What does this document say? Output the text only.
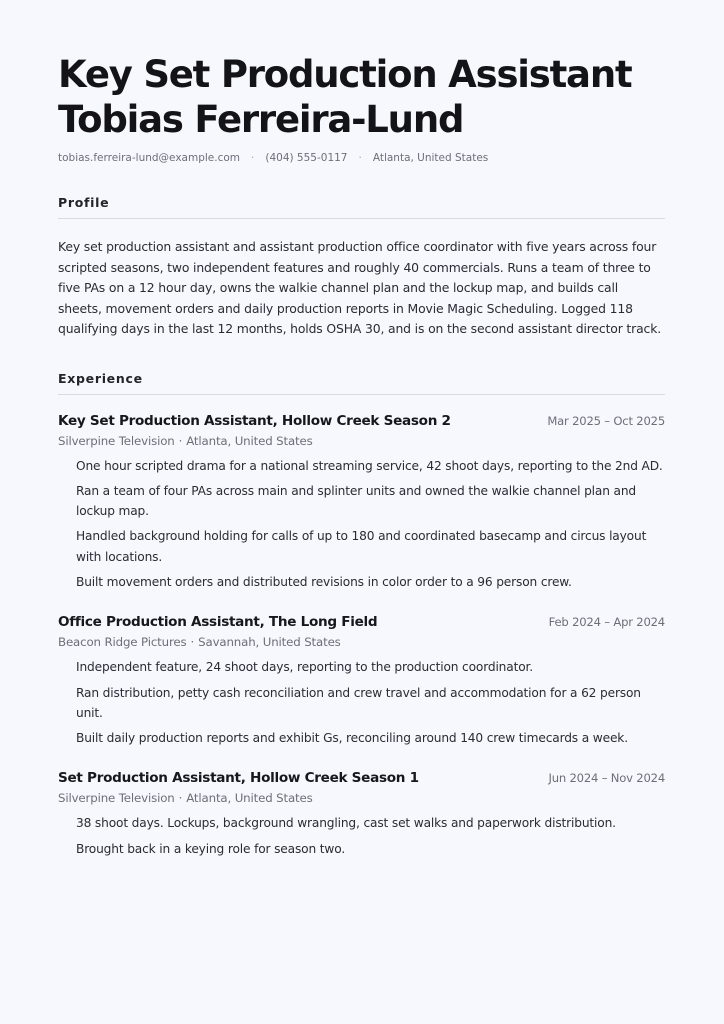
Key Set Production Assistant
Tobias Ferreira-Lund
tobias.ferreira-lund@example.com · (404) 555-0117 · Atlanta, United States
Profile

Key set production assistant and assistant production office coordinator with five years across four scripted seasons, two independent features and roughly 40 commercials. Runs a team of three to five PAs on a 12 hour day, owns the walkie channel plan and the lockup map, and builds call sheets, movement orders and daily production reports in Movie Magic Scheduling. Logged 118 qualifying days in the last 12 months, holds OSHA 30, and is on the second assistant director track.

Experience
Key Set Production Assistant, Hollow Creek Season 2	Mar 2025 – Oct 2025
Silverpine Television · Atlanta, United States
One hour scripted drama for a national streaming service, 42 shoot days, reporting to the 2nd AD.
Ran a team of four PAs across main and splinter units and owned the walkie channel plan and lockup map.
Handled background holding for calls of up to 180 and coordinated basecamp and circus layout with locations.
Built movement orders and distributed revisions in color order to a 96 person crew.
Office Production Assistant, The Long Field	Feb 2024 – Apr 2024
Beacon Ridge Pictures · Savannah, United States
Independent feature, 24 shoot days, reporting to the production coordinator.
Ran distribution, petty cash reconciliation and crew travel and accommodation for a 62 person unit.
Built daily production reports and exhibit Gs, reconciling around 140 crew timecards a week.
Set Production Assistant, Hollow Creek Season 1	Jun 2024 – Nov 2024
Silverpine Television · Atlanta, United States
38 shoot days. Lockups, background wrangling, cast set walks and paperwork distribution.
Brought back in a keying role for season two.
